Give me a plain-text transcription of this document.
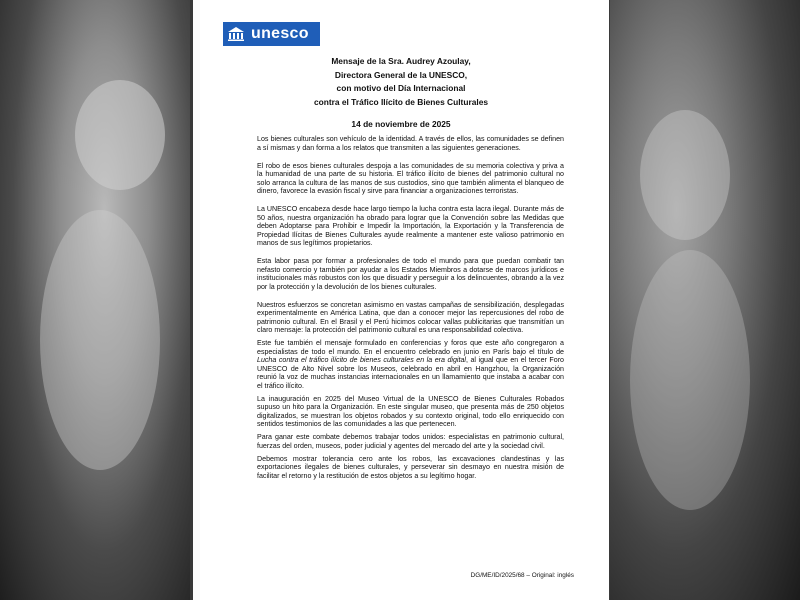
unesco
Mensaje de la Sra. Audrey Azoulay,
Directora General de la UNESCO,
con motivo del Día Internacional
contra el Tráfico Ilícito de Bienes Culturales
14 de noviembre de 2025

Los bienes culturales son vehículo de la identidad. A través de ellos, las comunidades se definen a sí mismas y dan forma a los relatos que transmiten a las siguientes generaciones.

El robo de esos bienes culturales despoja a las comunidades de su memoria colectiva y priva a la humanidad de una parte de su historia. El tráfico ilícito de bienes del patrimonio cultural no solo arranca la cultura de las manos de sus custodios, sino que también alimenta el blanqueo de dinero, favorece la evasión fiscal y sirve para financiar a organizaciones terroristas.

La UNESCO encabeza desde hace largo tiempo la lucha contra esta lacra ilegal. Durante más de 50 años, nuestra organización ha obrado para lograr que la Convención sobre las Medidas que deben Adoptarse para Prohibir e Impedir la Importación, la Exportación y la Transferencia de Propiedad Ilícitas de Bienes Culturales ayude realmente a mantener este valioso patrimonio en manos de sus legítimos propietarios.

Esta labor pasa por formar a profesionales de todo el mundo para que puedan combatir tan nefasto comercio y también por ayudar a los Estados Miembros a dotarse de marcos jurídicos e institucionales más robustos con los que disuadir y perseguir a los delincuentes, obrando a la vez por la protección y la devolución de los bienes culturales.

Nuestros esfuerzos se concretan asimismo en vastas campañas de sensibilización, desplegadas experimentalmente en América Latina, que dan a conocer mejor las repercusiones del robo de patrimonio cultural. En el Brasil y el Perú hicimos colocar vallas publicitarias que transmitían un claro mensaje: la protección del patrimonio cultural es una responsabilidad colectiva.

Este fue también el mensaje formulado en conferencias y foros que este año congregaron a especialistas de todo el mundo. En el encuentro celebrado en junio en París bajo el título de Lucha contra el tráfico ilícito de bienes culturales en la era digital, al igual que en el tercer Foro UNESCO de Alto Nivel sobre los Museos, celebrado en abril en Hangzhou, la Organización reunió la voz de muchas instancias internacionales en un llamamiento que instaba a acabar con el tráfico ilícito.

La inauguración en 2025 del Museo Virtual de la UNESCO de Bienes Culturales Robados supuso un hito para la Organización. En este singular museo, que presenta más de 250 objetos digitalizados, se muestran los objetos robados y su contexto original, todo ello enriquecido con sentidos testimonios de las comunidades a las que pertenecen.

Para ganar este combate debemos trabajar todos unidos: especialistas en patrimonio cultural, fuerzas del orden, museos, poder judicial y agentes del mercado del arte y la sociedad civil.

Debemos mostrar tolerancia cero ante los robos, las excavaciones clandestinas y las exportaciones ilegales de bienes culturales, y perseverar sin desmayo en nuestra misión de facilitar el retorno y la restitución de estos objetos a su legítimo hogar.

DG/ME/ID/2025/68 – Original: inglés
